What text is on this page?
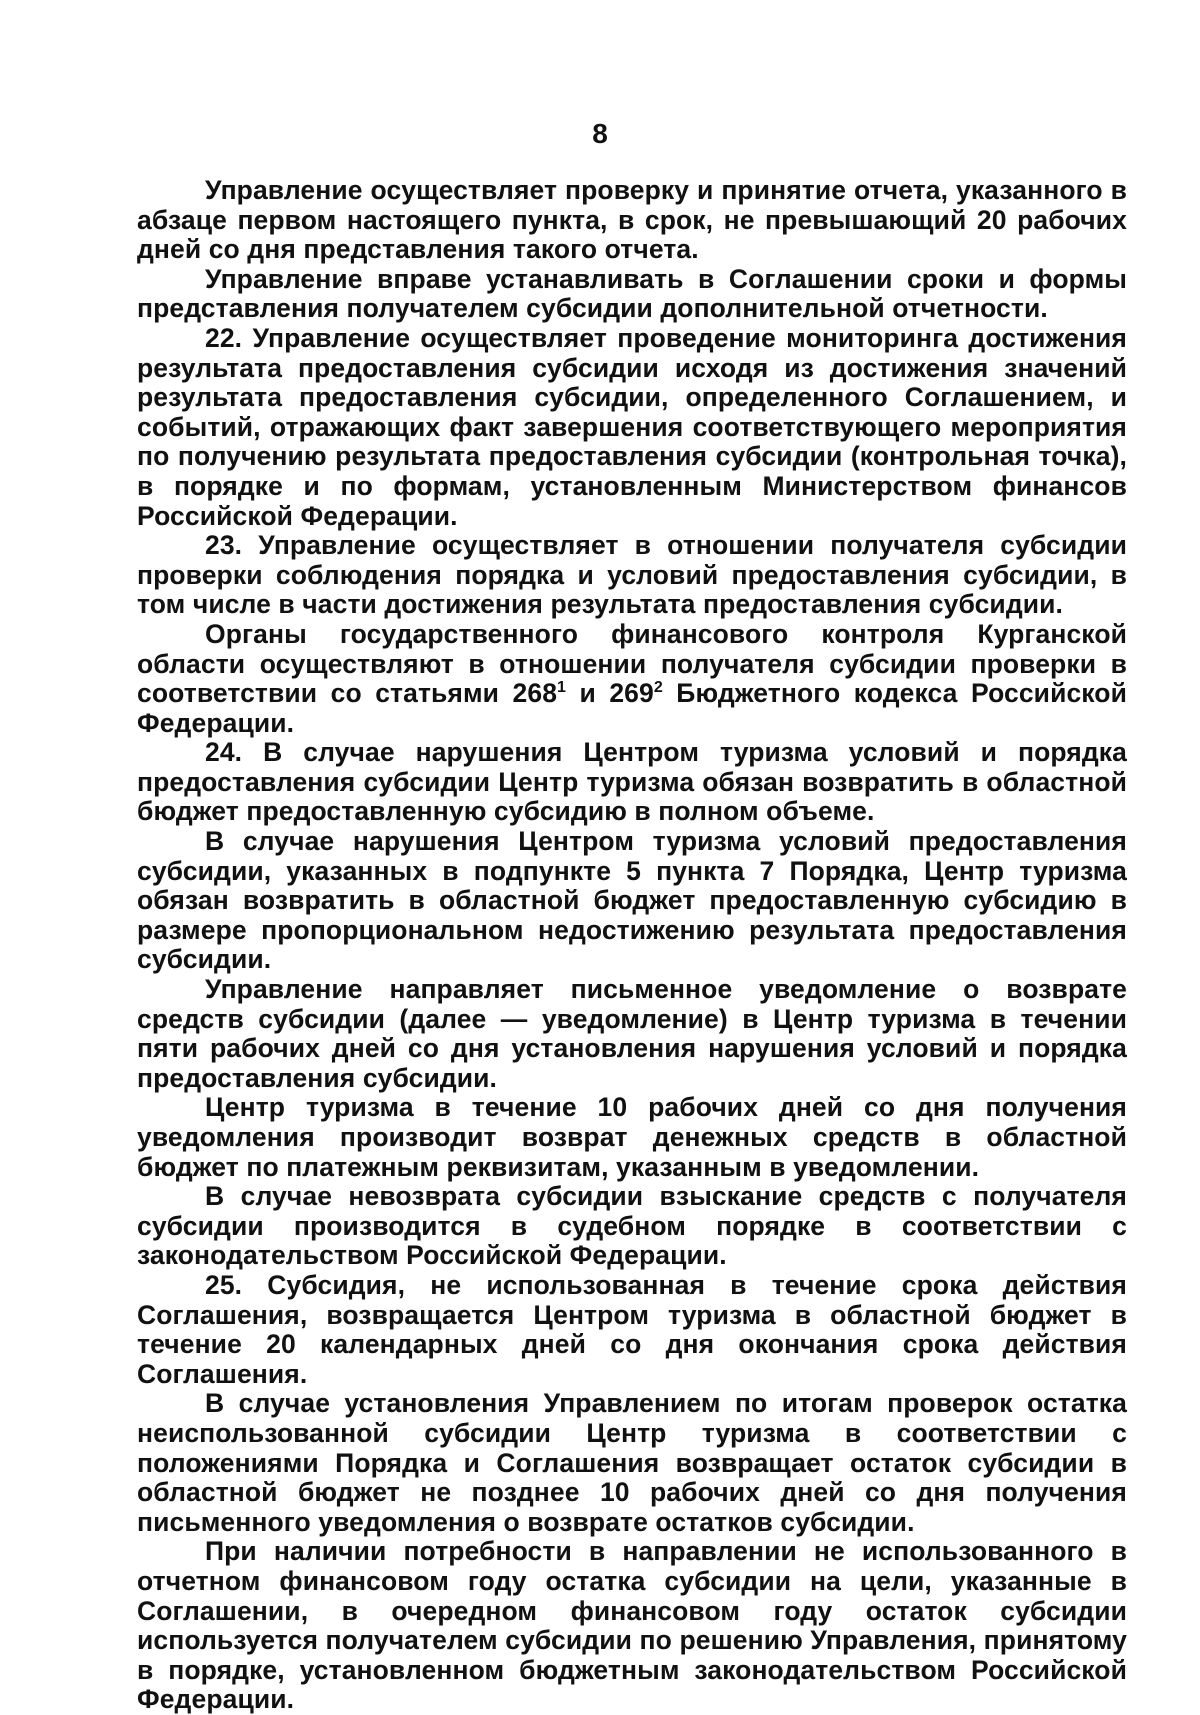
8

Управление осуществляет проверку и принятие отчета, указанного в абзаце первом настоящего пункта, в срок, не превышающий 20 рабочих дней со дня представления такого отчета.

Управление вправе устанавливать в Соглашении сроки и формы представления получателем субсидии дополнительной отчетности.

22. Управление осуществляет проведение мониторинга достижения результата предоставления субсидии исходя из достижения значений результата предоставления субсидии, определенного Соглашением, и событий, отражающих факт завершения соответствующего мероприятия по получению результата предоставления субсидии (контрольная точка), в порядке и по формам, установленным Министерством финансов Российской Федерации.

23. Управление осуществляет в отношении получателя субсидии проверки соблюдения порядка и условий предоставления субсидии, в том числе в части достижения результата предоставления субсидии.

Органы государственного финансового контроля Курганской области осуществляют в отношении получателя субсидии проверки в соответствии со статьями $268^1$ и $269^2$ Бюджетного кодекса Российской Федерации.

24. В случае нарушения Центром туризма условий и порядка предоставления субсидии Центр туризма обязан возвратить в областной бюджет предоставленную субсидию в полном объеме.

В случае нарушения Центром туризма условий предоставления субсидии, указанных в подпункте 5 пункта 7 Порядка, Центр туризма обязан возвратить в областной бюджет предоставленную субсидию в размере пропорциональном недостижению результата предоставления субсидии.

Управление направляет письменное уведомление о возврате средств субсидии (далее — уведомление) в Центр туризма в течении пяти рабочих дней со дня установления нарушения условий и порядка предоставления субсидии.

Центр туризма в течение 10 рабочих дней со дня получения уведомления производит возврат денежных средств в областной бюджет по платежным реквизитам, указанным в уведомлении.

В случае невозврата субсидии взыскание средств с получателя субсидии производится в судебном порядке в соответствии с законодательством Российской Федерации.

25. Субсидия, не использованная в течение срока действия Соглашения, возвращается Центром туризма в областной бюджет в течение 20 календарных дней со дня окончания срока действия Соглашения.

В случае установления Управлением по итогам проверок остатка неиспользованной субсидии Центр туризма в соответствии с положениями Порядка и Соглашения возвращает остаток субсидии в областной бюджет не позднее 10 рабочих дней со дня получения письменного уведомления о возврате остатков субсидии.

При наличии потребности в направлении не использованного в отчетном финансовом году остатка субсидии на цели, указанные в Соглашении, в очередном финансовом году остаток субсидии используется получателем субсидии по решению Управления, принятому в порядке, установленном бюджетным законодательством Российской Федерации.
